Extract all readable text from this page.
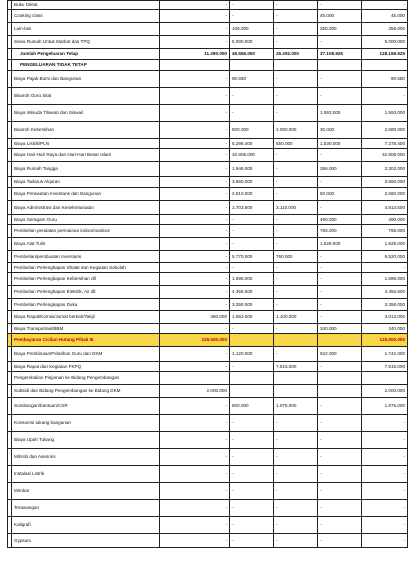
	Buku Diktat	-	-	-	-	-
	Cooking class	-	-	-	45.000	45.000
	Lain-lain	-	106.000	-	250.000	356.000
	Sewa Rumah Untuk Marbot dan TPQ	-	5.000.000	-	-	5.000.000
	Jumlah Pengeluaran Tetap	11.290.000	49.556.000	26.292.000	37.108.925	128.168.925
	PENGELUARAN TIDAK TETAP					
	Biaya Pajak Bumi dan Bangunan	-	90.650	-	-	90.650
	Bisaroh Guru Silat	-	-	-	-	-
	Biaya Wisuda Tilawati dan Siswa/i	-	-	-	1.593.000	1.593.000
	Bisaroh Kebersihan	-	500.000	2.050.000	30.000	2.580.000
	Biaya Listrik/PLN	-	5.298.400	550.000	1.530.000	7.378.400
	Biaya Hari-Hari Raya dan Hari-Hari Besar Islam	-	32.806.000	-	-	32.806.000
	Biaya Rumah Tangga	-	1.946.000	-	356.000	2.302.000
	Biaya Tadarus Alquran	-	3.860.000	-	-	3.860.000
	Biaya Perawatan Inventaris dan Bangunan	-	2.610.000	-	50.000	2.660.000
	Biaya Administrasi dan Kesekretariatan	-	1.703.500	3.110.000	-	4.813.500
	Biaya Seragam Guru	-	-	-	490.000	490.000
	Pembelian peralatan permainan indoor/outdoor	-	-	-	766.000	766.000
	Biaya Alat Tulis	-	-	-	1.528.000	1.528.000
	Pembelian/pembuatan Inventaris	-	5.770.000	750.000	-	6.520.000
	Pembelian Perlengkapan Shalat dan Kegiatan Sekolah	-	-	-	-	-
	Pembelian Perlengkapan Kebersihan dll	-	1.696.000	-	-	1.696.000
	Pembelian Perlengkapan Elektrik, Air dll	-	4.356.500	-	-	4.356.500
	Pembelian Perlengkapan Duka	-	3.358.000	-	-	3.358.000
	Biaya Rapat/Komisi/Jumat berkah/Takjil	360.000	1.553.000	1.100.000	-	3.013.000
	Biaya Transportasi/BBM	-	-	-	340.000	340.000
	Pembayaran Cicilan Hutang Pihak III	125.000.000				125.000.000
	Biaya Pembinaan/Pelatihan Guru dan DKM	-	1.120.000	-	622.000	1.742.000
	Biaya Rapat dan Kegiatan FKPQ	-	-	7.515.000	-	7.515.000
	Pengembalian Pinjaman ke Bidang Pengembangan					
	Subsidi dan Bidang Pengembangan ke Bidang DKM	2.000.000				2.000.000
	Sumbangan/bantuan/CSR	-	800.000	1.075.000	-	1.875.000
	Konsumsi tukang bangunan	-	-	-	-	-
	Biaya Upah Tukang	-	-	-	-	-
	Mihrob dan Asesoris	-	-	-	-	-
	Instalasi Listrik	-	-	-	-	-
	Mimbar	-	-	-	-	-
	Terawangan	-	-	-	-	-
	Kaligrafi	-	-	-	-	-
	Gypsum	-	-	-	-	-
